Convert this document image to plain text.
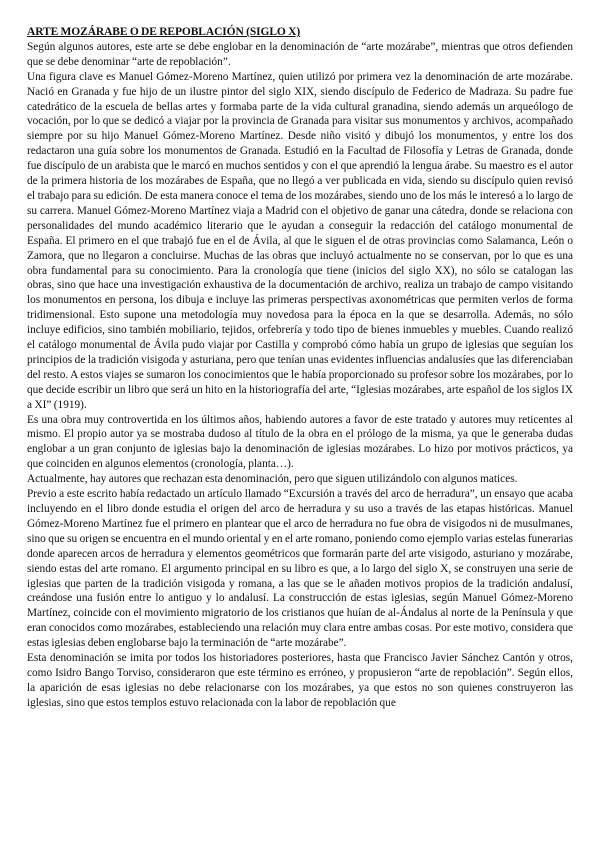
ARTE MOZÁRABE O DE REPOBLACIÓN (SIGLO X)

Según algunos autores, este arte se debe englobar en la denominación de “arte mozárabe”, mientras que otros defienden que se debe denominar “arte de repoblación”.

Una figura clave es Manuel Gómez-Moreno Martínez, quien utilizó por primera vez la denominación de arte mozárabe. Nació en Granada y fue hijo de un ilustre pintor del siglo XIX, siendo discípulo de Federico de Madraza. Su padre fue catedrático de la escuela de bellas artes y formaba parte de la vida cultural granadina, siendo además un arqueólogo de vocación, por lo que se dedicó a viajar por la provincia de Granada para visitar sus monumentos y archivos, acompañado siempre por su hijo Manuel Gómez-Moreno Martínez. Desde niño visitó y dibujó los monumentos, y entre los dos redactaron una guía sobre los monumentos de Granada. Estudió en la Facultad de Filosofía y Letras de Granada, donde fue discípulo de un arabista que le marcó en muchos sentidos y con el que aprendió la lengua árabe. Su maestro es el autor de la primera historia de los mozárabes de España, que no llegó a ver publicada en vida, siendo su discípulo quien revisó el trabajo para su edición. De esta manera conoce el tema de los mozárabes, siendo uno de los más le interesó a lo largo de su carrera. Manuel Gómez-Moreno Martínez viaja a Madrid con el objetivo de ganar una cátedra, donde se relaciona con personalidades del mundo académico literario que le ayudan a conseguir la redacción del catálogo monumental de España. El primero en el que trabajó fue en el de Ávila, al que le siguen el de otras provincias como Salamanca, León o Zamora, que no llegaron a concluirse. Muchas de las obras que incluyó actualmente no se conservan, por lo que es una obra fundamental para su conocimiento. Para la cronología que tiene (inicios del siglo XX), no sólo se catalogan las obras, sino que hace una investigación exhaustiva de la documentación de archivo, realiza un trabajo de campo visitando los monumentos en persona, los dibuja e incluye las primeras perspectivas axonométricas que permiten verlos de forma tridimensional. Esto supone una metodología muy novedosa para la época en la que se desarrolla. Además, no sólo incluye edificios, sino también mobiliario, tejidos, orfebrería y todo tipo de bienes inmuebles y muebles. Cuando realizó el catálogo monumental de Ávila pudo viajar por Castilla y comprobó cómo había un grupo de iglesias que seguían los principios de la tradición visigoda y asturiana, pero que tenían unas evidentes influencias andalusíes que las diferenciaban del resto. A estos viajes se sumaron los conocimientos que le había proporcionado su profesor sobre los mozárabes, por lo que decide escribir un libro que será un hito en la historiografía del arte, “Iglesias mozárabes, arte español de los siglos IX a XI” (1919).

Es una obra muy controvertida en los últimos años, habiendo autores a favor de este tratado y autores muy reticentes al mismo. El propio autor ya se mostraba dudoso al título de la obra en el prólogo de la misma, ya que le generaba dudas englobar a un gran conjunto de iglesias bajo la denominación de iglesias mozárabes. Lo hizo por motivos prácticos, ya que coinciden en algunos elementos (cronología, planta…).

Actualmente, hay autores que rechazan esta denominación, pero que siguen utilizándolo con algunos matices.

Previo a este escrito había redactado un artículo llamado “Excursión a través del arco de herradura”, un ensayo que acaba incluyendo en el libro donde estudia el origen del arco de herradura y su uso a través de las etapas históricas. Manuel Gómez-Moreno Martínez fue el primero en plantear que el arco de herradura no fue obra de visigodos ni de musulmanes, sino que su origen se encuentra en el mundo oriental y en el arte romano, poniendo como ejemplo varias estelas funerarias donde aparecen arcos de herradura y elementos geométricos que formarán parte del arte visigodo, asturiano y mozárabe, siendo estas del arte romano. El argumento principal en su libro es que, a lo largo del siglo X, se construyen una serie de iglesias que parten de la tradición visigoda y romana, a las que se le añaden motivos propios de la tradición andalusí, creándose una fusión entre lo antiguo y lo andalusí. La construcción de estas iglesias, según Manuel Gómez-Moreno Martínez, coincide con el movimiento migratorio de los cristianos que huían de al-Ándalus al norte de la Península y que eran conocidos como mozárabes, estableciendo una relación muy clara entre ambas cosas. Por este motivo, considera que estas iglesias deben englobarse bajo la terminación de “arte mozárabe”.

Esta denominación se imita por todos los historiadores posteriores, hasta que Francisco Javier Sánchez Cantón y otros, como Isidro Bango Torviso, consideraron que este término es erróneo, y propusieron “arte de repoblación”. Según ellos, la aparición de esas iglesias no debe relacionarse con los mozárabes, ya que estos no son quienes construyeron las iglesias, sino que estos templos estuvo relacionada con la labor de repoblación que
